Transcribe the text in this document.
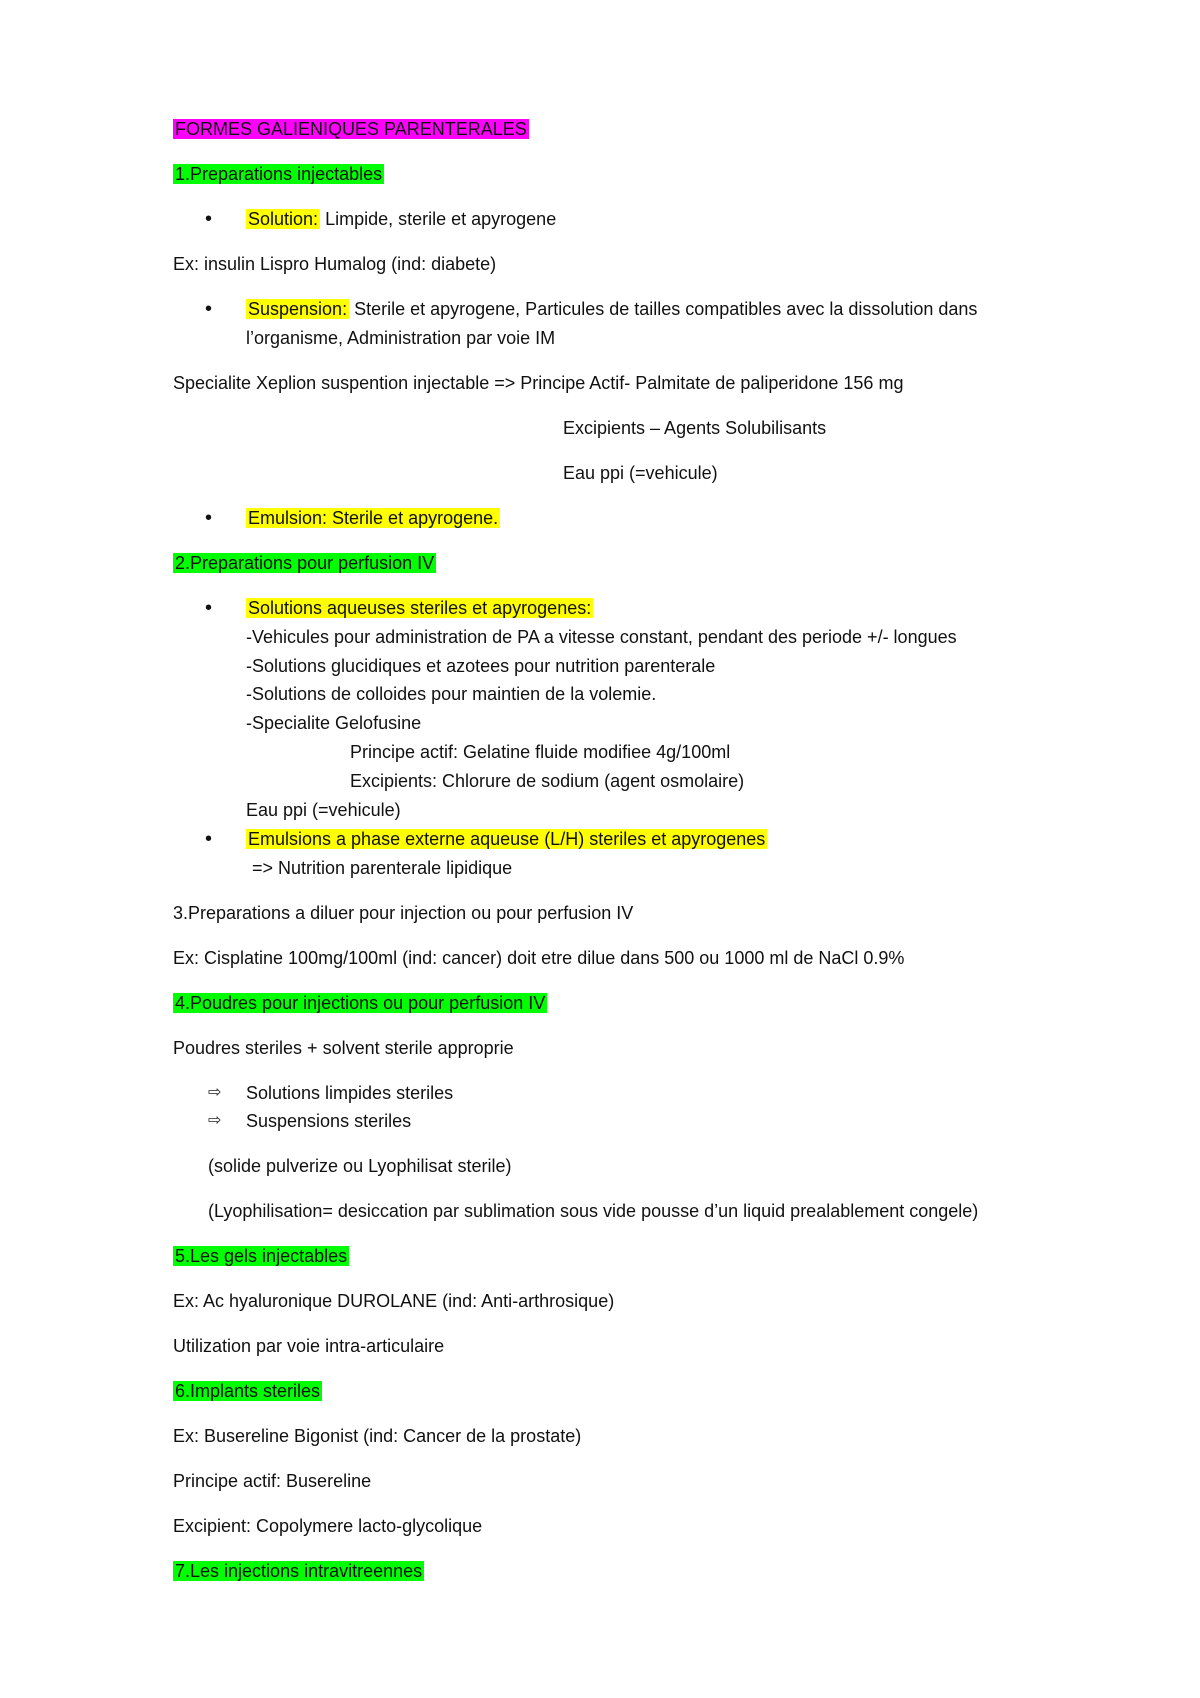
FORMES GALIENIQUES PARENTERALES
1.Preparations injectables
• Solution: Limpide, sterile et apyrogene
Ex: insulin Lispro Humalog (ind: diabete)
• Suspension: Sterile et apyrogene, Particules de tailles compatibles avec la dissolution dans
l’organisme, Administration par voie IM
Specialite Xeplion suspention injectable => Principe Actif- Palmitate de paliperidone 156 mg
Excipients – Agents Solubilisants
Eau ppi (=vehicule)
• Emulsion: Sterile et apyrogene.
2.Preparations pour perfusion IV
• Solutions aqueuses steriles et apyrogenes:
-Vehicules pour administration de PA a vitesse constant, pendant des periode +/- longues
-Solutions glucidiques et azotees pour nutrition parenterale
-Solutions de colloides pour maintien de la volemie.
-Specialite Gelofusine
Principe actif: Gelatine fluide modifiee 4g/100ml
Excipients: Chlorure de sodium (agent osmolaire)
Eau ppi (=vehicule)
• Emulsions a phase externe aqueuse (L/H) steriles et apyrogenes
=> Nutrition parenterale lipidique
3.Preparations a diluer pour injection ou pour perfusion IV
Ex: Cisplatine 100mg/100ml (ind: cancer) doit etre dilue dans 500 ou 1000 ml de NaCl 0.9%
4.Poudres pour injections ou pour perfusion IV
Poudres steriles + solvent sterile approprie
⇨ Solutions limpides steriles
⇨ Suspensions steriles
(solide pulverize ou Lyophilisat sterile)
(Lyophilisation= desiccation par sublimation sous vide pousse d’un liquid prealablement congele)
5.Les gels injectables
Ex: Ac hyaluronique DUROLANE (ind: Anti-arthrosique)
Utilization par voie intra-articulaire
6.Implants steriles
Ex: Busereline Bigonist (ind: Cancer de la prostate)
Principe actif: Busereline
Excipient: Copolymere lacto-glycolique
7.Les injections intravitreennes
